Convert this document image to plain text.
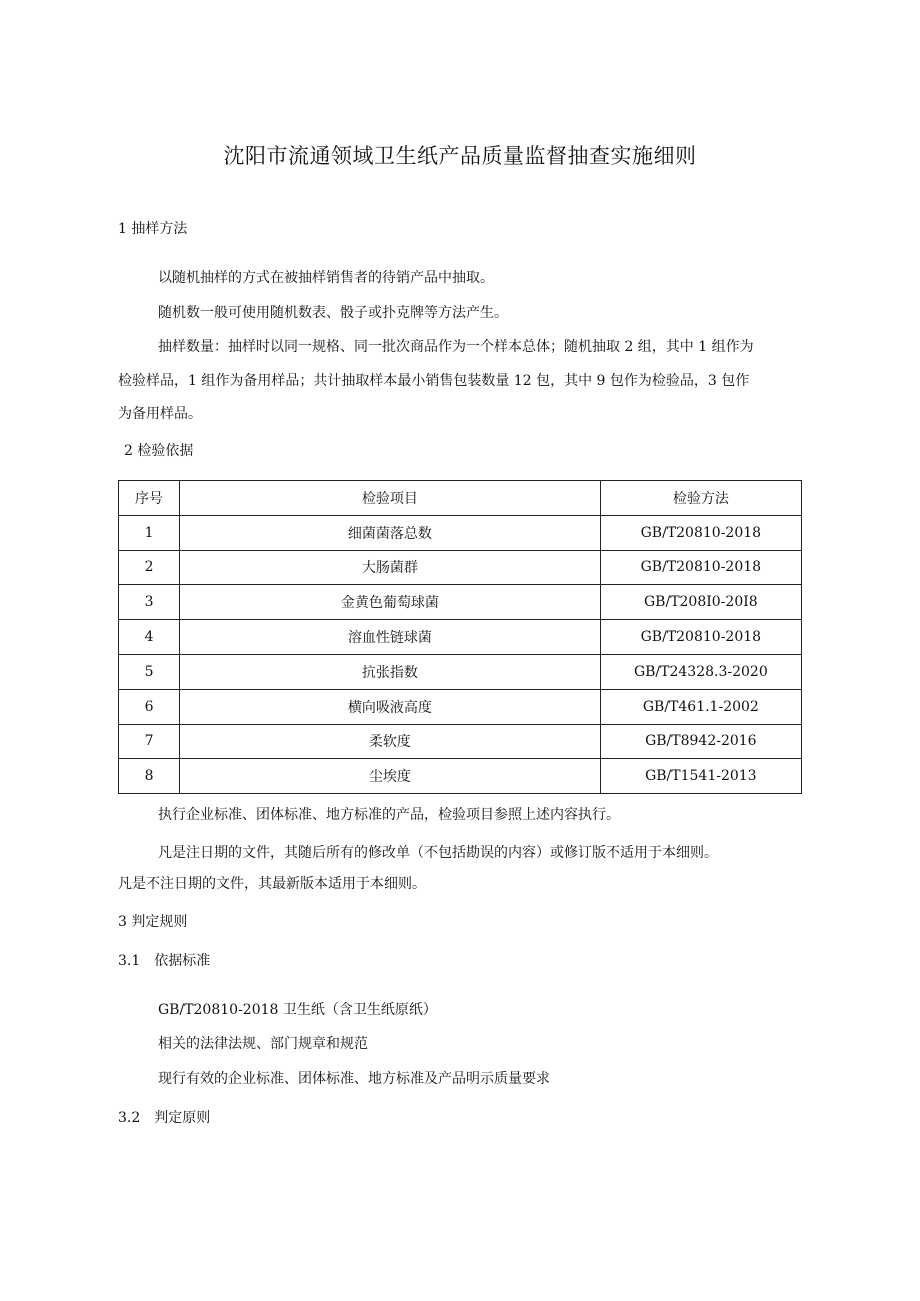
沈阳市流通领域卫生纸产品质量监督抽查实施细则
1 抽样方法
以随机抽样的方式在被抽样销售者的待销产品中抽取。
随机数一般可使用随机数表、骰子或扑克牌等方法产生。
抽样数量：抽样时以同一规格、同一批次商品作为一个样本总体；随机抽取 2 组，其中 1 组作为
检验样品，1 组作为备用样品；共计抽取样本最小销售包装数量 12 包，其中 9 包作为检验品，3 包作
为备用样品。
2 检验依据
序号	检验项目	检验方法
1	细菌菌落总数	GB/T20810-2018
2	大肠菌群	GB/T20810-2018
3	金黄色葡萄球菌	GB/T208I0-20I8
4	溶血性链球菌	GB/T20810-2018
5	抗张指数	GB/T24328.3-2020
6	横向吸液高度	GB/T461.1-2002
7	柔软度	GB/T8942-2016
8	尘埃度	GB/T1541-2013
执行企业标准、团体标准、地方标准的产品，检验项目参照上述内容执行。
凡是注日期的文件，其随后所有的修改单（不包括勘误的内容）或修订版不适用于本细则。
凡是不注日期的文件，其最新版本适用于本细则。
3 判定规则
3.1　依据标准
GB/T20810-2018 卫生纸（含卫生纸原纸）
相关的法律法规、部门规章和规范
现行有效的企业标准、团体标准、地方标准及产品明示质量要求
3.2　判定原则
